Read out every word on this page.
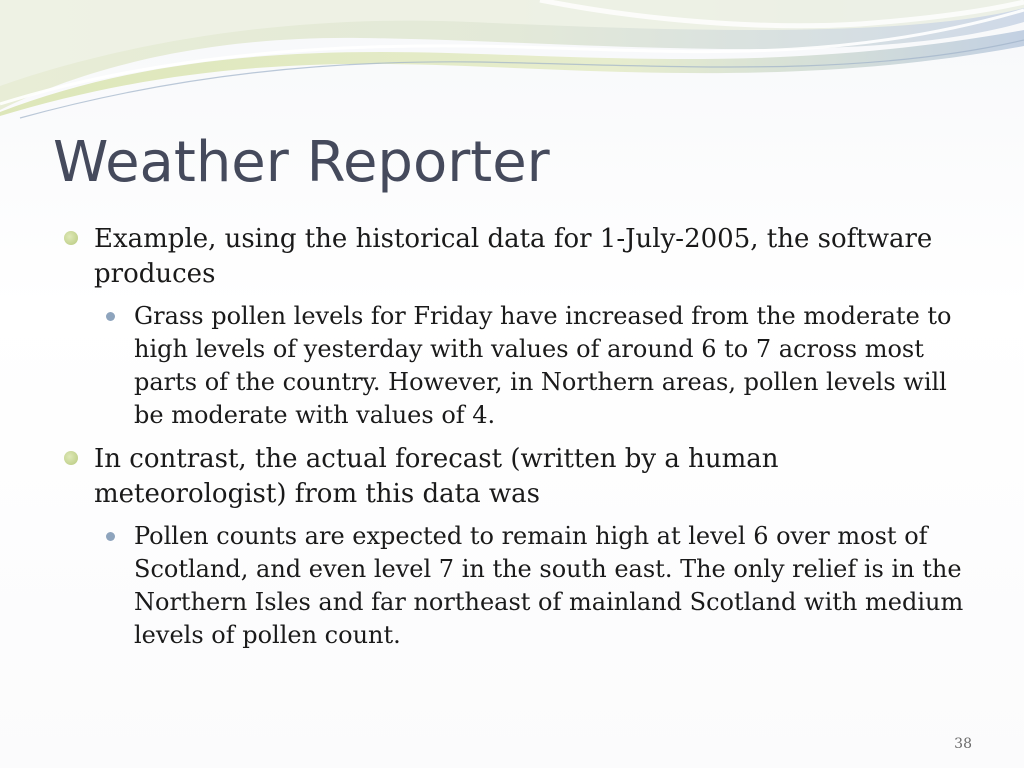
Weather Reporter
Example, using the historical data for 1-July-2005, the software produces
Grass pollen levels for Friday have increased from the moderate to high levels of yesterday with values of around 6 to 7 across most parts of the country. However, in Northern areas, pollen levels will be moderate with values of 4.
In contrast, the actual forecast (written by a human meteorologist) from this data was
Pollen counts are expected to remain high at level 6 over most of Scotland, and even level 7 in the south east. The only relief is in the Northern Isles and far northeast of mainland Scotland with medium levels of pollen count.
38
